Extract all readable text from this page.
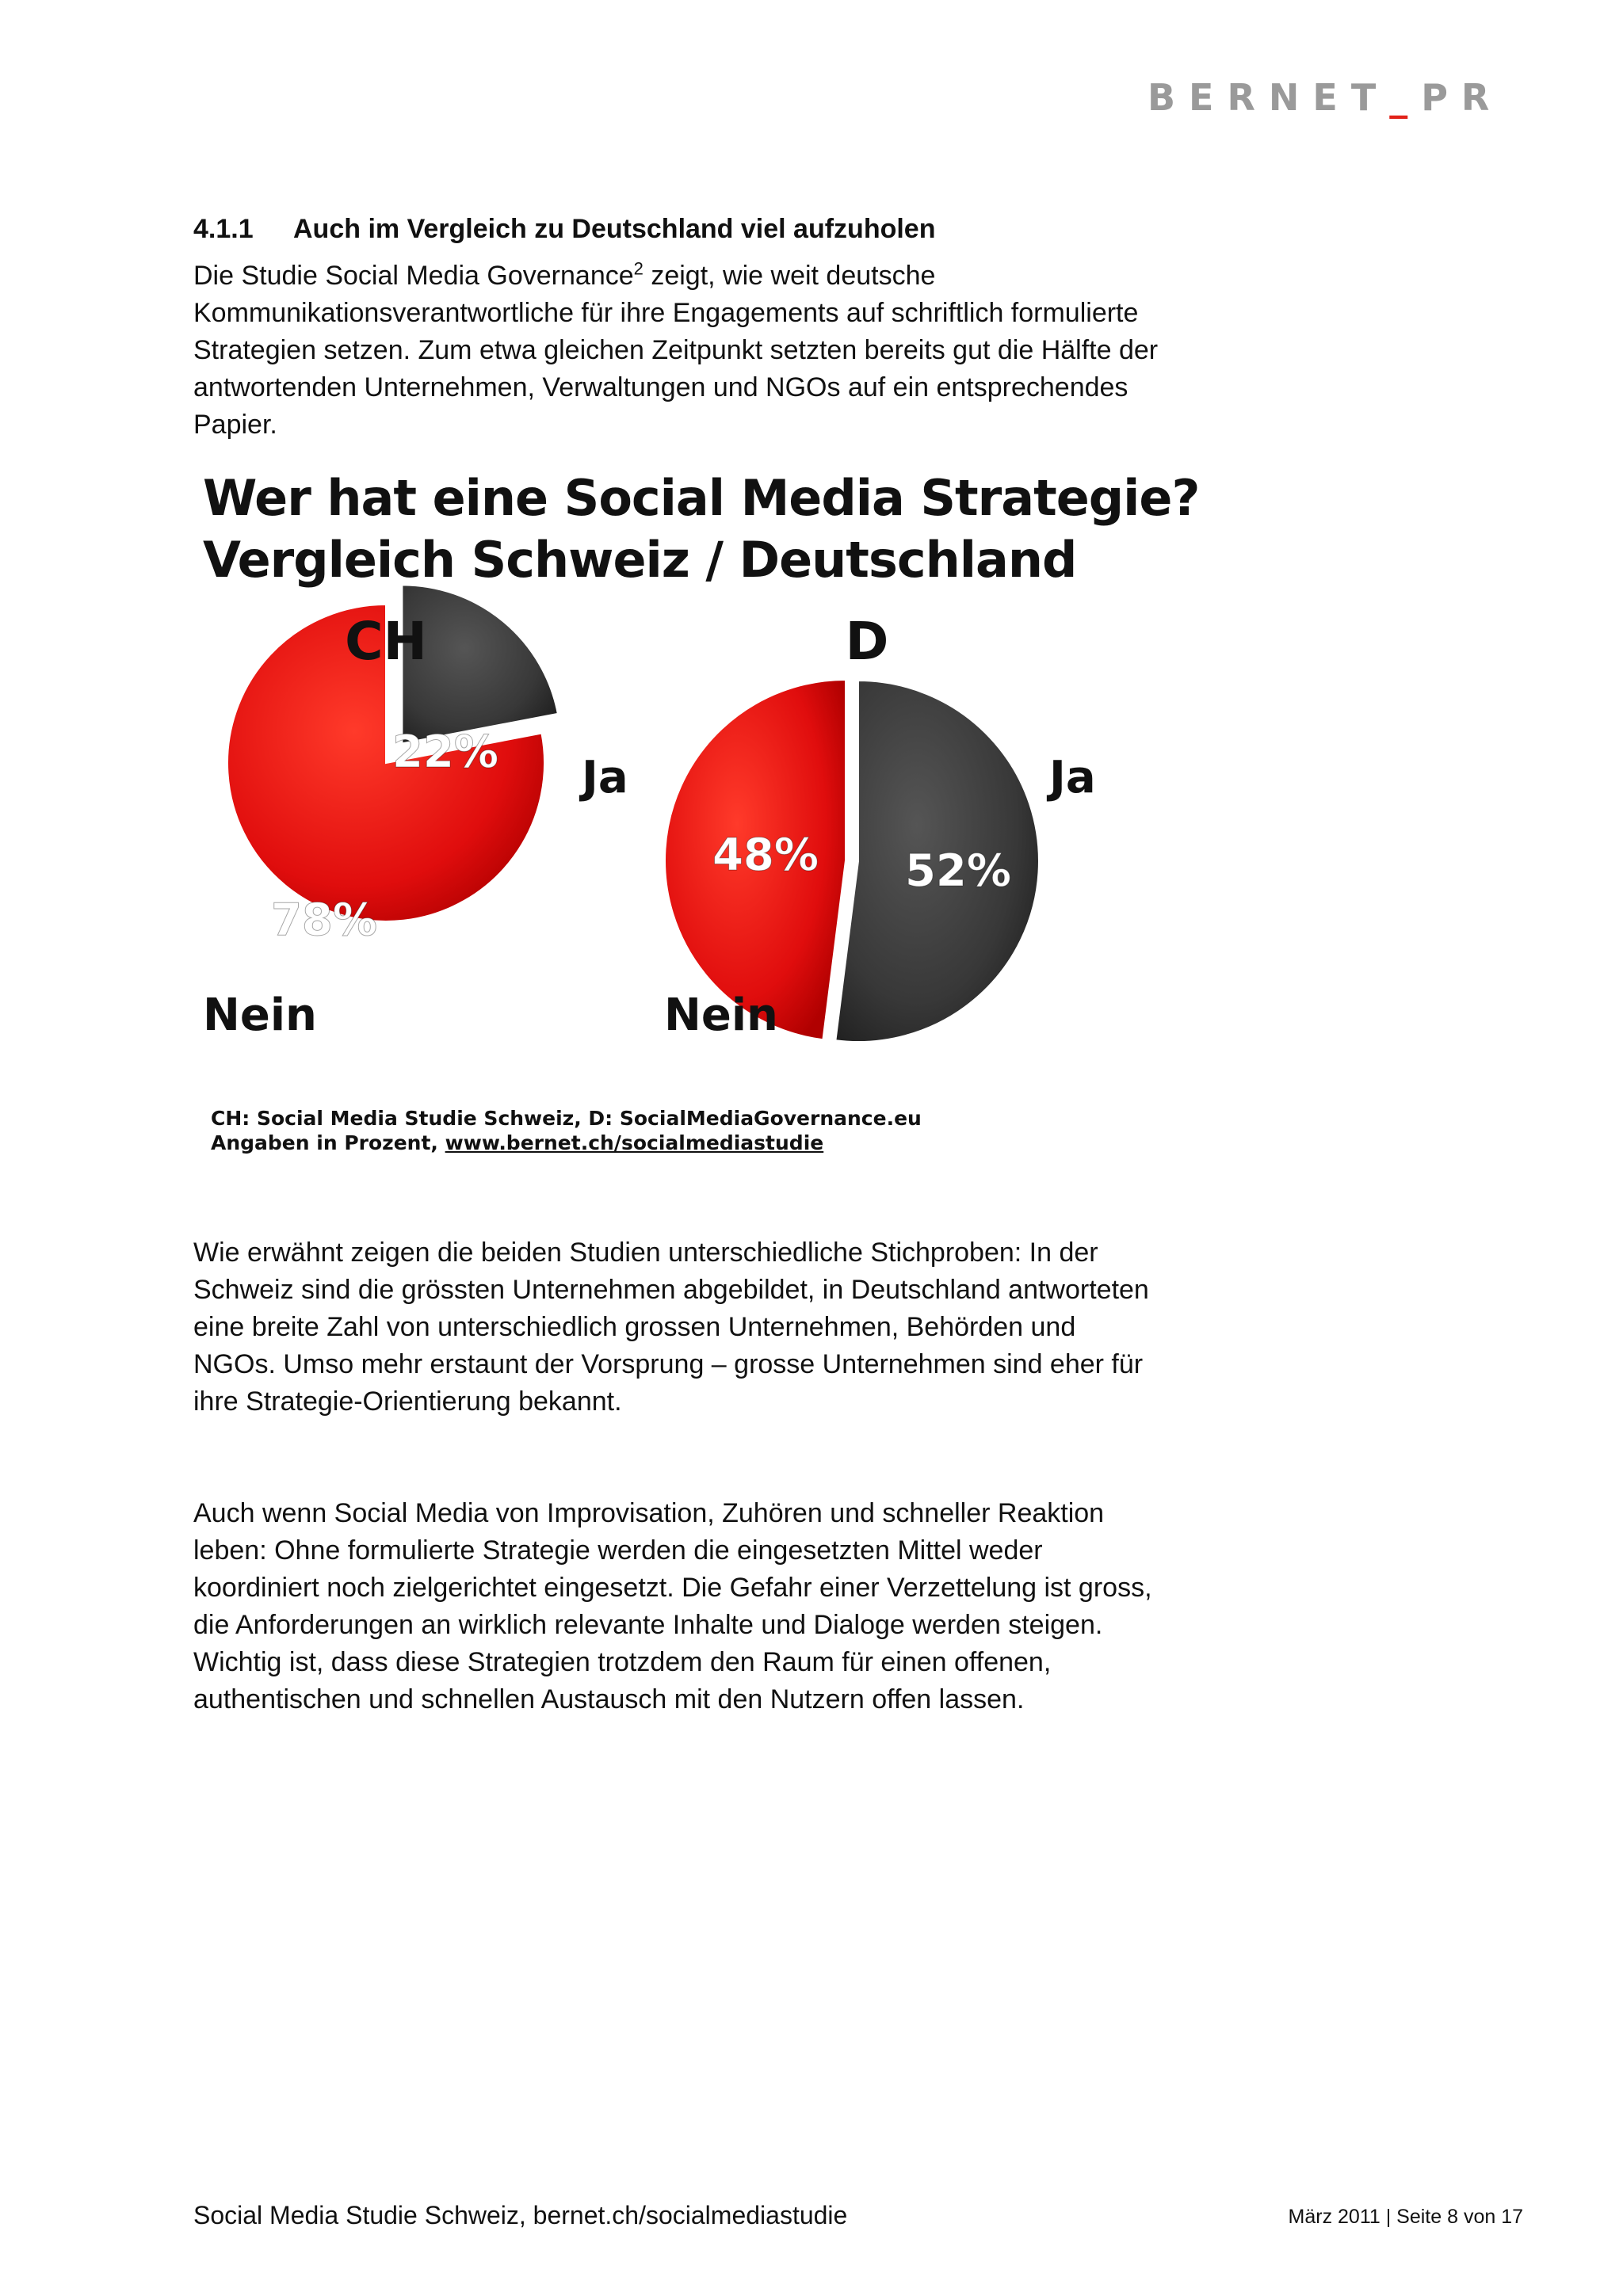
BERNET_PR
4.1.1 Auch im Vergleich zu Deutschland viel aufzuholen

Die Studie Social Media Governance$^2$ zeigt, wie weit deutsche Kommunikationsverantwortliche für ihre Engagements auf schriftlich formulierte Strategien setzen. Zum etwa gleichen Zeitpunkt setzten bereits gut die Hälfte der antwortenden Unternehmen, Verwaltungen und NGOs auf ein entsprechendes Papier.

CH
Ja
Nein
22%
78%
D
Ja
Nein
52%
48%
Wer hat eine Social Media Strategie?
Vergleich Schweiz / Deutschland
CH: Social Media Studie Schweiz, D: SocialMediaGovernance.eu
Angaben in Prozent, www.bernet.ch/socialmediastudie

Wie erwähnt zeigen die beiden Studien unterschiedliche Stichproben: In der Schweiz sind die grössten Unternehmen abgebildet, in Deutschland antworteten eine breite Zahl von unterschiedlich grossen Unternehmen, Behörden und NGOs. Umso mehr erstaunt der Vorsprung – grosse Unternehmen sind eher für ihre Strategie-Orientierung bekannt.

Auch wenn Social Media von Improvisation, Zuhören und schneller Reaktion leben: Ohne formulierte Strategie werden die eingesetzten Mittel weder koordiniert noch zielgerichtet eingesetzt. Die Gefahr einer Verzettelung ist gross, die Anforderungen an wirklich relevante Inhalte und Dialoge werden steigen. Wichtig ist, dass diese Strategien trotzdem den Raum für einen offenen, authentischen und schnellen Austausch mit den Nutzern offen lassen.

Social Media Studie Schweiz, bernet.ch/socialmediastudie	März 2011 | Seite 8 von 17
